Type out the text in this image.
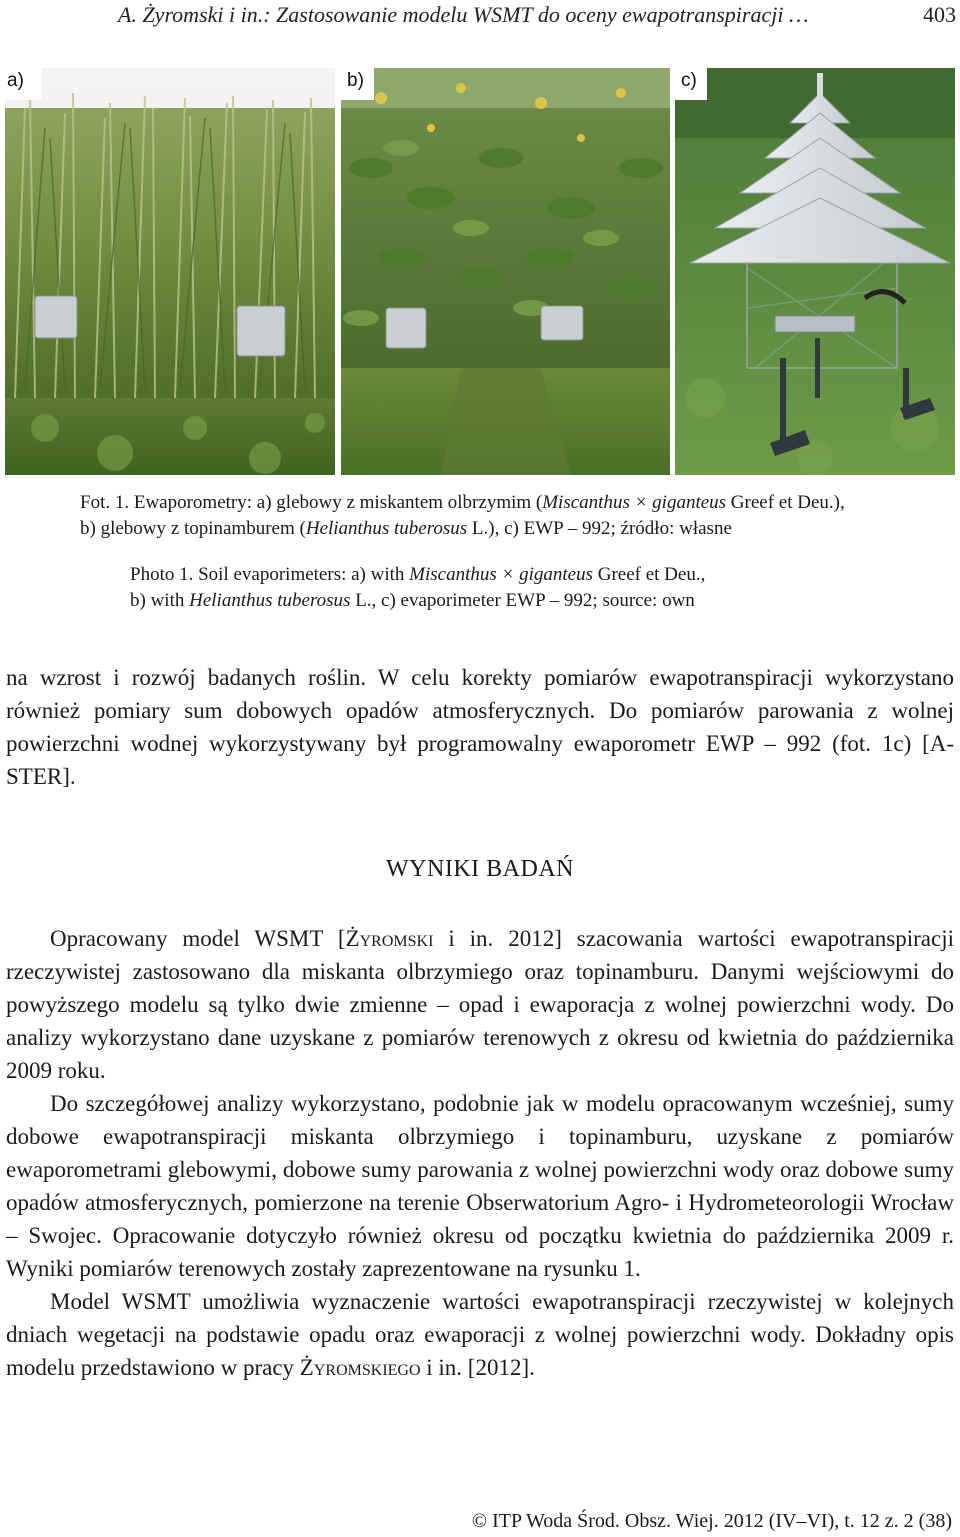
A. Żyromski i in.: Zastosowanie modelu WSMT do oceny ewapotranspiracji …	403
a)	b)	c)
Fot. 1. Ewaporometry: a) glebowy z miskantem olbrzymim (Miscanthus × giganteus Greef et Deu.),
b) glebowy z topinamburem (Helianthus tuberosus L.), c) EWP – 992; źródło: własne
Photo 1. Soil evaporimeters: a) with Miscanthus × giganteus Greef et Deu.,
b) with Helianthus tuberosus L., c) evaporimeter EWP – 992; source: own

na wzrost i rozwój badanych roślin. W celu korekty pomiarów ewapotranspiracji wykorzystano również pomiary sum dobowych opadów atmosferycznych. Do pomiarów parowania z wolnej powierzchni wodnej wykorzystywany był programowalny ewaporometr EWP – 992 (fot. 1c) [A-STER].

WYNIKI BADAŃ

Opracowany model WSMT [Żyromski i in. 2012] szacowania wartości ewapotranspiracji rzeczywistej zastosowano dla miskanta olbrzymiego oraz topinamburu. Danymi wejściowymi do powyższego modelu są tylko dwie zmienne – opad i ewaporacja z wolnej powierzchni wody. Do analizy wykorzystano dane uzyskane z pomiarów terenowych z okresu od kwietnia do października 2009 roku.

Do szczegółowej analizy wykorzystano, podobnie jak w modelu opracowanym wcześniej, sumy dobowe ewapotranspiracji miskanta olbrzymiego i topinamburu, uzyskane z pomiarów ewaporometrami glebowymi, dobowe sumy parowania z wolnej powierzchni wody oraz dobowe sumy opadów atmosferycznych, pomierzone na terenie Obserwatorium Agro- i Hydrometeorologii Wrocław – Swojec. Opracowanie dotyczyło również okresu od początku kwietnia do października 2009 r. Wyniki pomiarów terenowych zostały zaprezentowane na rysunku 1.

Model WSMT umożliwia wyznaczenie wartości ewapotranspiracji rzeczywistej w kolejnych dniach wegetacji na podstawie opadu oraz ewaporacji z wolnej powierzchni wody. Dokładny opis modelu przedstawiono w pracy Żyromskiego i in. [2012].

© ITP Woda Środ. Obsz. Wiej. 2012 (IV–VI), t. 12 z. 2 (38)
